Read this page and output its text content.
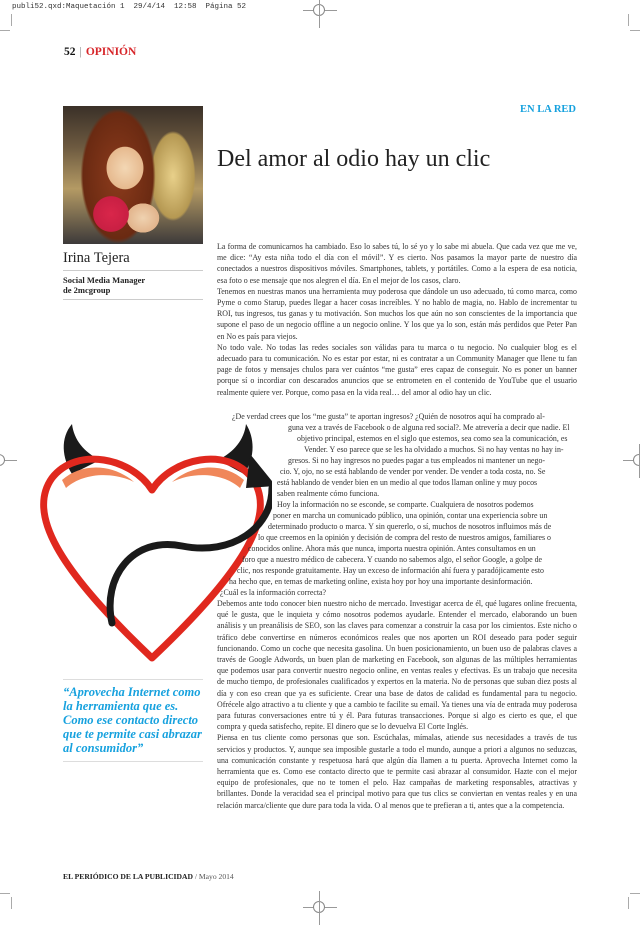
publi52.qxd:Maquetación 1  29/4/14  12:58  Página 52
52 | OPINIÓN
EN LA RED
Del amor al odio hay un clic
Irina Tejera
Social Media Manager
de 2mcgroup
“Aprovecha Internet como la herramienta que es. Como ese contacto directo que te permite casi abrazar al consumidor”

La forma de comunicarnos ha cambiado. Eso lo sabes tú, lo sé yo y lo sabe mi abuela. Que cada vez que me ve, me dice: “Ay esta niña todo el día con el móvil”. Y es cierto. Nos pasamos la mayor parte de nuestro día conectados a nuestros dispositivos móviles. Smartphones, tablets, y portátiles. Como a la espera de esa noticia, esa foto o ese mensaje que nos alegren el día. En el mejor de los casos, claro.

Tenemos en nuestras manos una herramienta muy poderosa que dándole un uso adecuado, tú como marca, como Pyme o como Starup, puedes llegar a hacer cosas increíbles. Y no hablo de magia, no. Hablo de incrementar tu ROI, tus ingresos, tus ganas y tu motivación. Son muchos los que aún no son conscientes de la importancia que supone el paso de un negocio offline a un negocio online. Y los que ya lo son, están más perdidos que Peter Pan en No es país para viejos.

No todo vale. No todas las redes sociales son válidas para tu marca o tu negocio. No cualquier blog es el adecuado para tu comunicación. No es estar por estar, ni es contratar a un Community Manager que llene tu fan page de fotos y mensajes chulos para ver cuántos “me gusta” eres capaz de conseguir. No es poner un banner porque sí o incordiar con descarados anuncios que se entrometen en el contenido de YouTube que el usuario realmente quiere ver. Porque, como pasa en la vida real… del amor al odio hay un clic.

¿De verdad crees que los “me gusta” te aportan ingresos? ¿Quién de nosotros aquí ha comprado al-
guna vez a través de Facebook o de alguna red social?. Me atrevería a decir que nadie. El
objetivo principal, estemos en el siglo que estemos, sea como sea la comunicación, es
Vender. Y eso parece que se les ha olvidado a muchos. Si no hay ventas no hay in-
gresos. Si no hay ingresos no puedes pagar a tus empleados ni mantener un nego-
cio. Y, ojo, no se está hablando de vender por vender. De vender a toda costa, no. Se
está hablando de vender bien en un medio al que todos llaman online y muy pocos
saben realmente cómo funciona.
Hoy la información no se esconde, se comparte. Cualquiera de nosotros podemos
poner en marcha un comunicado público, una opinión, contar una experiencia sobre un
determinado producto o marca. Y sin quererlo, o sí, muchos de nosotros influimos más de
lo que creemos en la opinión y decisión de compra del resto de nuestros amigos, familiares o
conocidos online. Ahora más que nunca, importa nuestra opinión. Antes consultamos en un
foro que a nuestro médico de cabecera. Y cuando no sabemos algo, el señor Google, a golpe de
clic, nos responde gratuitamente. Hay un exceso de información ahí fuera y paradójicamente esto
ha hecho que, en temas de marketing online, exista hoy por hoy una importante desinformación.
¿Cuál es la información correcta?

Debemos ante todo conocer bien nuestro nicho de mercado. Investigar acerca de él, qué lugares online frecuenta, qué le gusta, que le inquieta y cómo nosotros podemos ayudarle. Entender el mercado, elaborando un buen análisis y un preanálisis de SEO, son las claves para comenzar a construir la casa por los cimientos. Este nicho o tráfico debe convertirse en números económicos reales que nos aporten un ROI deseado para poder seguir funcionando. Como un coche que necesita gasolina. Un buen posicionamiento, un buen uso de palabras claves a través de Google Adwords, un buen plan de marketing en Facebook, son algunas de las múltiples herramientas que podemos usar para convertir nuestro negocio online, en ventas reales y efectivas. Es un trabajo que necesita de mucho tiempo, de profesionales cualificados y expertos en la materia. No de personas que suban diez posts al día y con eso crean que ya es suficiente. Crear una base de datos de calidad es fundamental para tu negocio. Ofrécele algo atractivo a tu cliente y que a cambio te facilite su email. Ya tienes una vía de entrada muy poderosa para futuras conversaciones entre tú y él. Para futuras transacciones. Porque si algo es cierto es que, el que compra y queda satisfecho, repite. El dinero que se lo devuelva El Corte Inglés.

Piensa en tus cliente como personas que son. Escúchalas, mímalas, atiende sus necesidades a través de tus servicios y productos. Y, aunque sea imposible gustarle a todo el mundo, aunque a priori a algunos no seduzcas, una comunicación constante y respetuosa hará que algún día llamen a tu puerta. Aprovecha Internet como la herramienta que es. Como ese contacto directo que te permite casi abrazar al consumidor. Hazte con el mejor equipo de profesionales, que no te tomen el pelo. Haz campañas de marketing responsables, atractivas y brillantes. Donde la veracidad sea el principal motivo para que tus clics se conviertan en ventas reales y en una relación marca/cliente que dure para toda la vida. O al menos que te prefieran a ti, antes que a la competencia.

EL PERIÓDICO DE LA PUBLICIDAD / Mayo 2014
